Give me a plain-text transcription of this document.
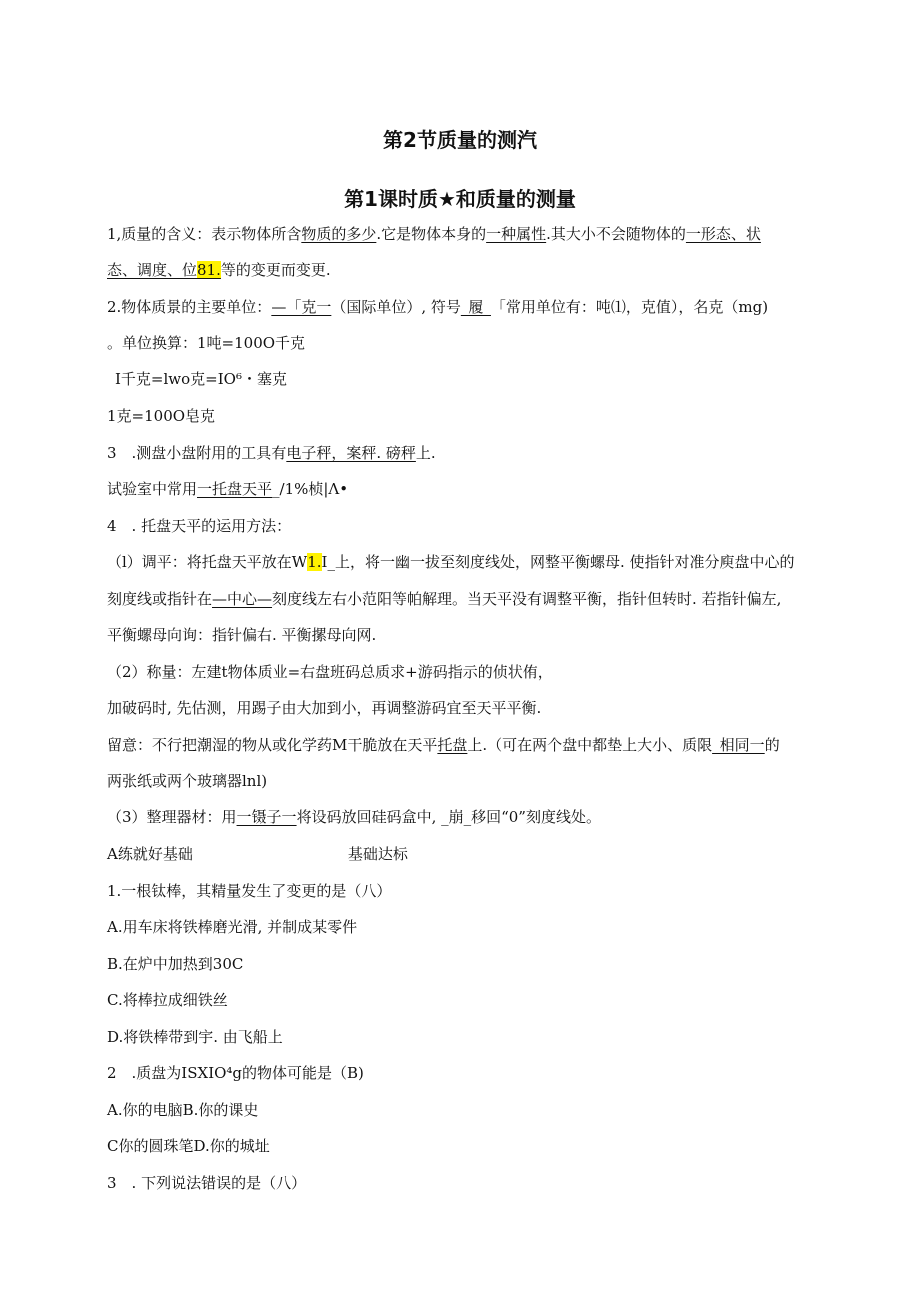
第2节质量的测汽
第1课时质★和质量的测量
1,质量的含义：表示物体所含物质的多少.它是物体本身的一种属性.其大小不会随物体的一形态、状
态、调度、位81.等的变更而变更.
2.物体质景的主要单位：—「克一（国际单位）, 符号_履_「常用单位有：吨⑴，克值），名克（mg)
。单位换算：1吨=100O千克
I千克=lwo克=IO⁶・塞克
1克=100O皂克
3　.测盘小盘附用的工具有电子秤，案秤. 磅秤上.
试验室中常用一托盘天平_/1%桢|Λ•
4　. 托盘天平的运用方法：
（l）调平：将托盘天平放在W1.I_上，将一幽一拔至刻度线处，网整平衡螺母. 使指针对准分庾盘中心的
刻度线或指针在—中心—刻度线左右小范阳等帕解理。当天平没有调整平衡，指针但转时. 若指针偏左,
平衡螺母向询：指针偏右. 平衡摞母向网.
（2）称量：左建t物体质业=右盘班码总质求+游码指示的侦状侑，
加破码时, 先估测，用踢子由大加到小，再调整游码宜至天平平衡.
留意：不行把潮湿的物从或化学药M干脆放在天平托盘上.（可在两个盘中都垫上大小、质限_相同一的
两张纸或两个玻璃器lnl)
（3）整理器材：用一镊子一将设码放回硅码盒中, _崩_移回“0”刻度线处。
A练就好基础	基础达标
1.一根钛棒，其精量发生了变更的是（八）
A.用车床将铁棒磨光滑, 并制成某零件
B.在炉中加热到30C
C.将棒拉成细铁丝
D.将铁棒带到宇. 由飞船上
2　.质盘为ISXIO⁴g的物体可能是（B)
A.你的电脑B.你的课史
C你的圆珠笔D.你的城址
3　. 下列说法错误的是（八）
